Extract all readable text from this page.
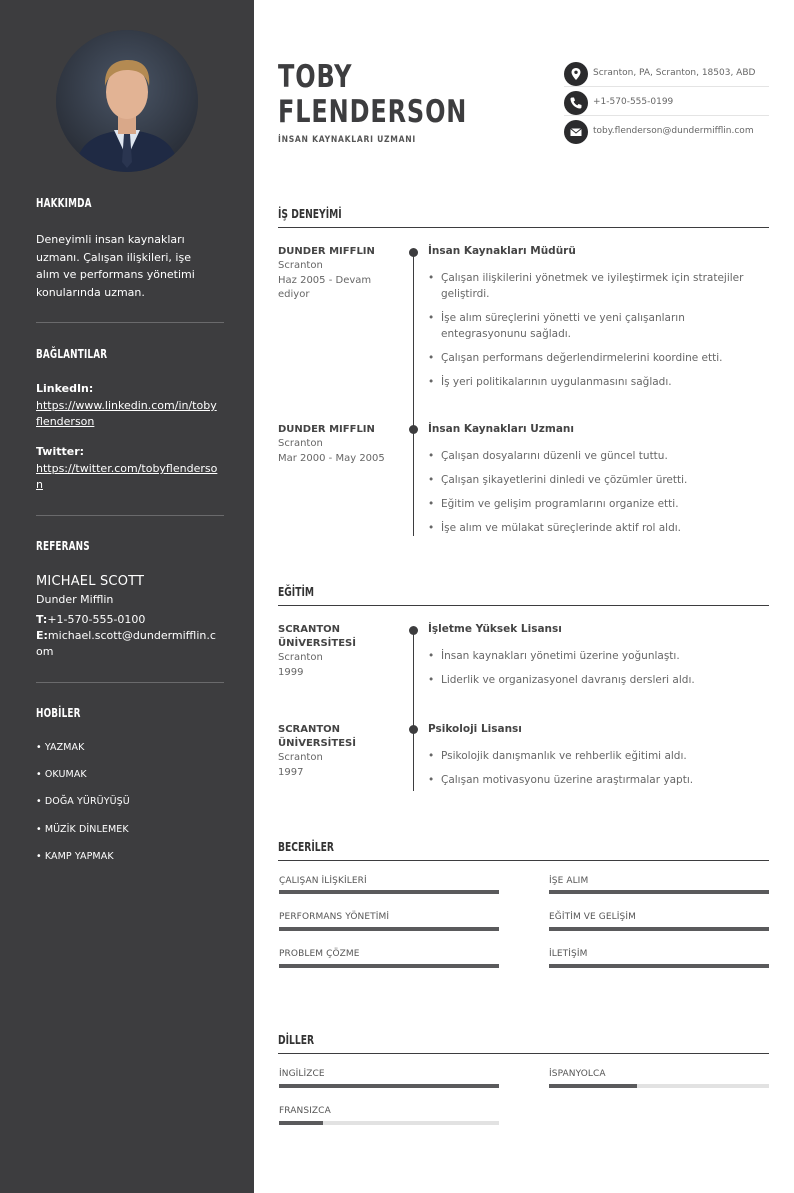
HAKKIMDA
Deneyimli insan kaynakları uzmanı. Çalışan ilişkileri, işe alım ve performans yönetimi konularında uzman.
BAĞLANTILAR
LinkedIn:
https://www.linkedin.com/in/tobyflenderson
Twitter:
https://twitter.com/tobyflenderson
REFERANS
MICHAEL SCOTT
Dunder Mifflin
T:+1-570-555-0100
E:michael.scott@dundermifflin.com
HOBİLER
• YAZMAK
• OKUMAK
• DOĞA YÜRÜYÜŞÜ
• MÜZİK DİNLEMEK
• KAMP YAPMAK
TOBY
FLENDERSON
İNSAN KAYNAKLARI UZMANI
Scranton, PA, Scranton, 18503, ABD
+1-570-555-0199
toby.flenderson@dundermifflin.com
İŞ DENEYİMİ
DUNDER MIFFLIN
Scranton
Haz 2005 - Devam ediyor
İnsan Kaynakları Müdürü
• Çalışan ilişkilerini yönetmek ve iyileştirmek için stratejiler geliştirdi.
• İşe alım süreçlerini yönetti ve yeni çalışanların entegrasyonunu sağladı.
• Çalışan performans değerlendirmelerini koordine etti.
• İş yeri politikalarının uygulanmasını sağladı.
DUNDER MIFFLIN
Scranton
Mar 2000 - May 2005
İnsan Kaynakları Uzmanı
• Çalışan dosyalarını düzenli ve güncel tuttu.
• Çalışan şikayetlerini dinledi ve çözümler üretti.
• Eğitim ve gelişim programlarını organize etti.
• İşe alım ve mülakat süreçlerinde aktif rol aldı.
EĞİTİM
SCRANTON ÜNİVERSİTESİ
Scranton
1999
İşletme Yüksek Lisansı
• İnsan kaynakları yönetimi üzerine yoğunlaştı.
• Liderlik ve organizasyonel davranış dersleri aldı.
SCRANTON ÜNİVERSİTESİ
Scranton
1997
Psikoloji Lisansı
• Psikolojik danışmanlık ve rehberlik eğitimi aldı.
• Çalışan motivasyonu üzerine araştırmalar yaptı.
BECERİLER
ÇALIŞAN İLİŞKİLERİ	İŞE ALIM
PERFORMANS YÖNETİMİ	EĞİTİM VE GELİŞİM
PROBLEM ÇÖZME	İLETİŞİM
DİLLER
İNGİLİZCE	İSPANYOLCA
FRANSIZCA
